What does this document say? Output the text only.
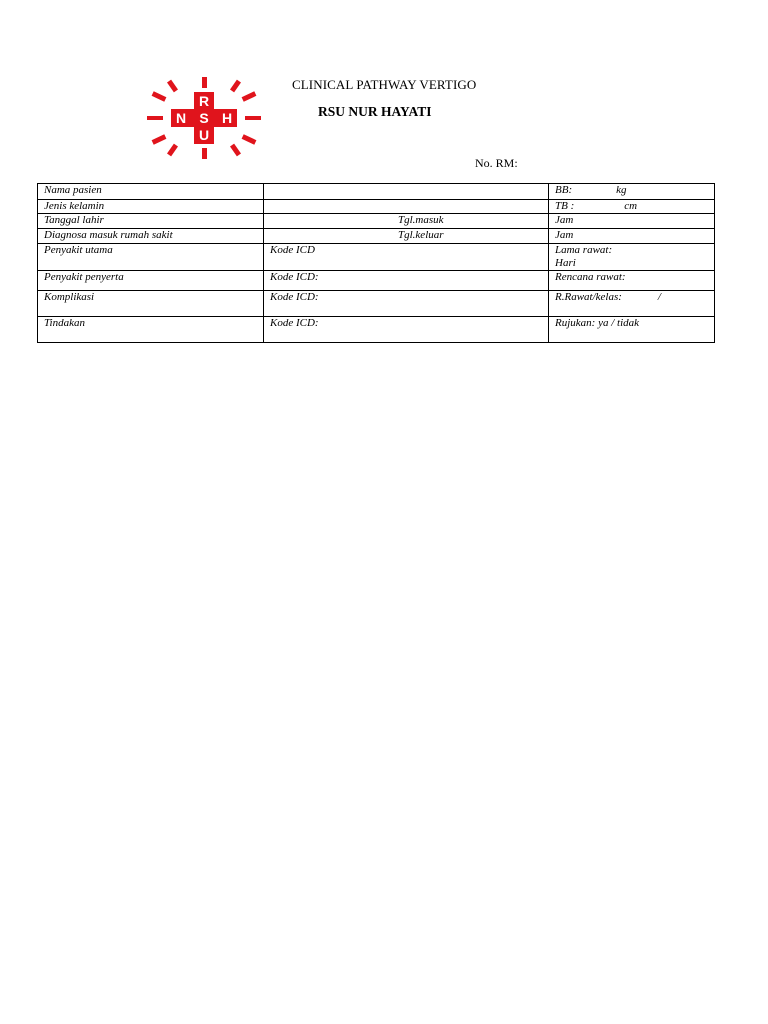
R
N S H
U
CLINICAL PATHWAY VERTIGO
RSU NUR HAYATI
No. RM:
Nama pasien		BB: kg
Jenis kelamin		TB : cm
Tanggal lahir	Tgl.masuk	Jam
Diagnosa masuk rumah sakit	Tgl.keluar	Jam
Penyakit utama	Kode ICD	Lama rawat:
Hari

Penyakit penyerta	Kode ICD:	Rencana rawat:
Komplikasi	Kode ICD:	R.Rawat/kelas: /
Tindakan	Kode ICD:	Rujukan: ya / tidak
